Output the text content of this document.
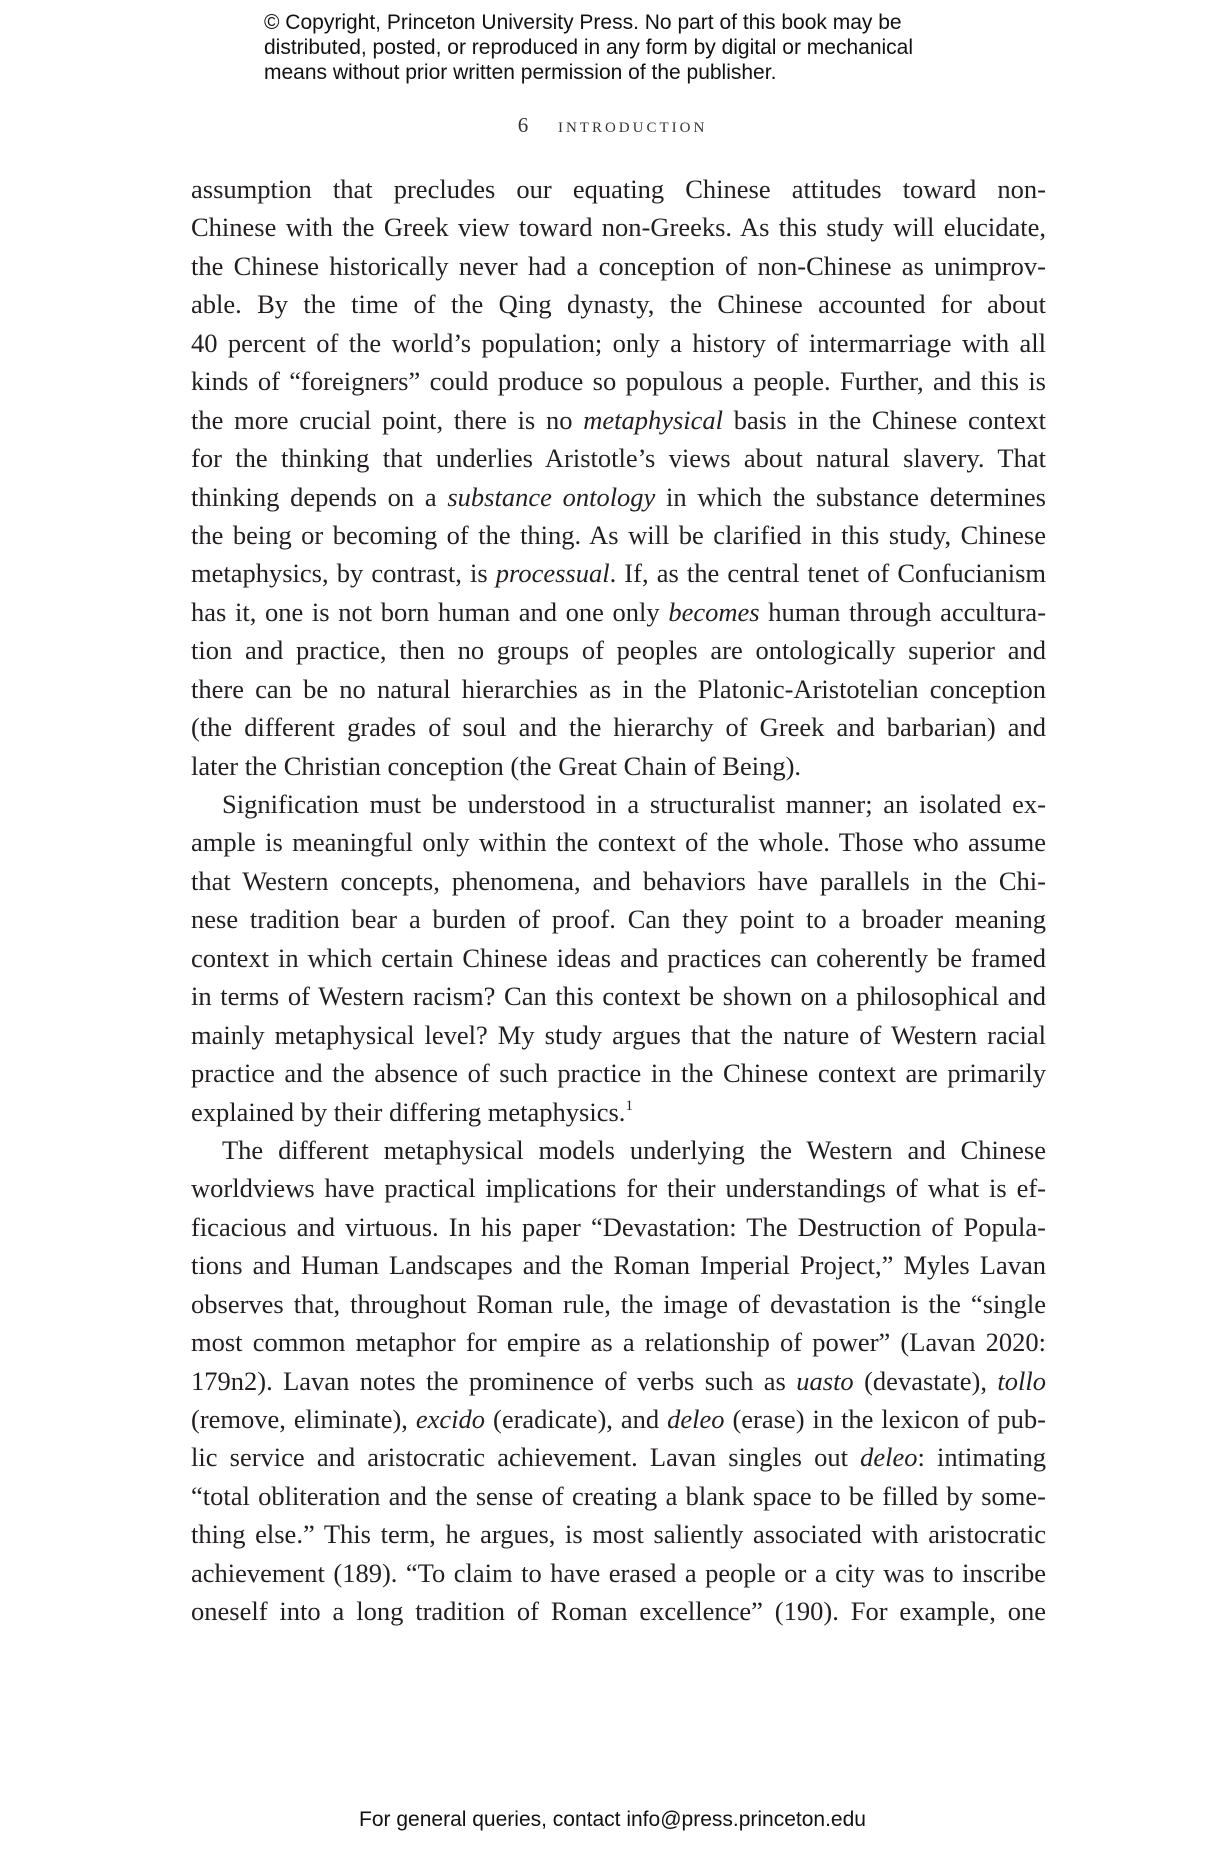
© Copyright, Princeton University Press. No part of this book may be
distributed, posted, or reproduced in any form by digital or mechanical
means without prior written permission of the publisher.
6 introduction
assumption that precludes our equating Chinese attitudes toward non-
Chinese with the Greek view toward non-Greeks. As this study will elucidate,
the Chinese historically never had a conception of non-Chinese as unimprov-
able. By the time of the Qing dynasty, the Chinese accounted for about
40 percent of the world’s population; only a history of intermarriage with all
kinds of “foreigners” could produce so populous a people. Further, and this is
the more crucial point, there is no metaphysical basis in the Chinese context
for the thinking that underlies Aristotle’s views about natural slavery. That
thinking depends on a substance ontology in which the substance determines
the being or becoming of the thing. As will be clarified in this study, Chinese
metaphysics, by contrast, is processual. If, as the central tenet of Confucianism
has it, one is not born human and one only becomes human through accultura-
tion and practice, then no groups of peoples are ontologically superior and
there can be no natural hierarchies as in the Platonic-Aristotelian conception
(the different grades of soul and the hierarchy of Greek and barbarian) and
later the Christian conception (the Great Chain of Being).
Signification must be understood in a structuralist manner; an isolated ex-
ample is meaningful only within the context of the whole. Those who assume
that Western concepts, phenomena, and behaviors have parallels in the Chi-
nese tradition bear a burden of proof. Can they point to a broader meaning
context in which certain Chinese ideas and practices can coherently be framed
in terms of Western racism? Can this context be shown on a philosophical and
mainly metaphysical level? My study argues that the nature of Western racial
practice and the absence of such practice in the Chinese context are primarily
explained by their differing metaphysics.$^1$
The different metaphysical models underlying the Western and Chinese
worldviews have practical implications for their understandings of what is ef-
ficacious and virtuous. In his paper “Devastation: The Destruction of Popula-
tions and Human Landscapes and the Roman Imperial Project,” Myles Lavan
observes that, throughout Roman rule, the image of devastation is the “single
most common metaphor for empire as a relationship of power” (Lavan 2020:
179n2). Lavan notes the prominence of verbs such as uasto (devastate), tollo
(remove, eliminate), excido (eradicate), and deleo (erase) in the lexicon of pub-
lic service and aristocratic achievement. Lavan singles out deleo: intimating
“total obliteration and the sense of creating a blank space to be filled by some-
thing else.” This term, he argues, is most saliently associated with aristocratic
achievement (189). “To claim to have erased a people or a city was to inscribe
oneself into a long tradition of Roman excellence” (190). For example, one
For general queries, contact info@press.princeton.edu
